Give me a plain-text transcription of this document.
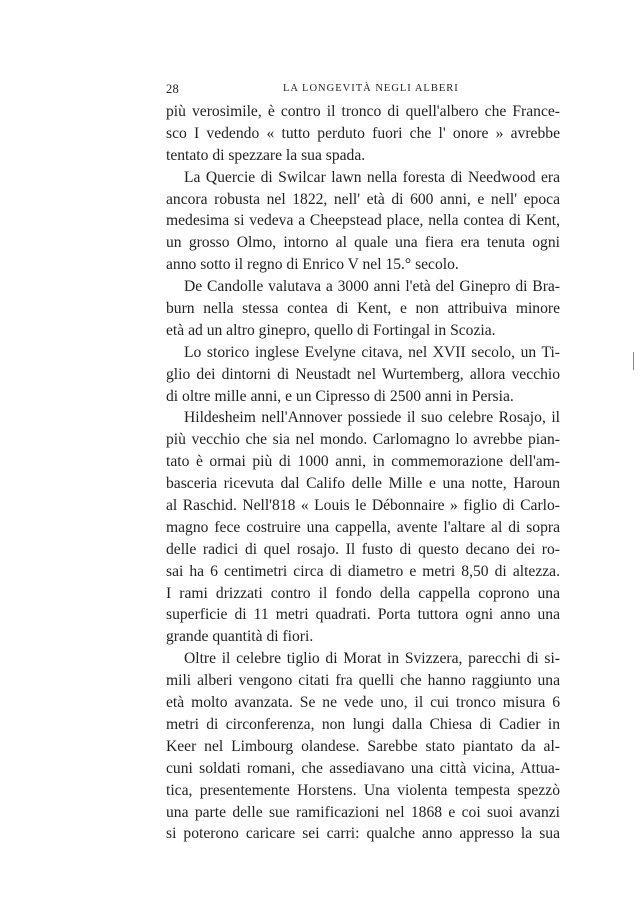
28	LA LONGEVITÀ NEGLI ALBERI
più verosimile, è contro il tronco di quell'albero che France-
sco I vedendo « tutto perduto fuori che l' onore » avrebbe
tentato di spezzare la sua spada.
La Quercie di Swilcar lawn nella foresta di Needwood era
ancora robusta nel 1822, nell' età di 600 anni, e nell' epoca
medesima si vedeva a Cheepstead place, nella contea di Kent,
un grosso Olmo, intorno al quale una fiera era tenuta ogni
anno sotto il regno di Enrico V nel 15.° secolo.
De Candolle valutava a 3000 anni l'età del Ginepro di Bra-
burn nella stessa contea di Kent, e non attribuiva minore
età ad un altro ginepro, quello di Fortingal in Scozia.
Lo storico inglese Evelyne citava, nel XVII secolo, un Ti-
glio dei dintorni di Neustadt nel Wurtemberg, allora vecchio
di oltre mille anni, e un Cipresso di 2500 anni in Persia.
Hildesheim nell'Annover possiede il suo celebre Rosajo, il
più vecchio che sia nel mondo. Carlomagno lo avrebbe pian-
tato è ormai più di 1000 anni, in commemorazione dell'am-
basceria ricevuta dal Califo delle Mille e una notte, Haroun
al Raschid. Nell'818 « Louis le Débonnaire » figlio di Carlo-
magno fece costruire una cappella, avente l'altare al di sopra
delle radici di quel rosajo. Il fusto di questo decano dei ro-
sai ha 6 centimetri circa di diametro e metri 8,50 di altezza.
I rami drizzati contro il fondo della cappella coprono una
superficie di 11 metri quadrati. Porta tuttora ogni anno una
grande quantità di fiori.
Oltre il celebre tiglio di Morat in Svizzera, parecchi di si-
mili alberi vengono citati fra quelli che hanno raggiunto una
età molto avanzata. Se ne vede uno, il cui tronco misura 6
metri di circonferenza, non lungi dalla Chiesa di Cadier in
Keer nel Limbourg olandese. Sarebbe stato piantato da al-
cuni soldati romani, che assediavano una città vicina, Attua-
tica, presentemente Horstens. Una violenta tempesta spezzò
una parte delle sue ramificazioni nel 1868 e coi suoi avanzi
si poterono caricare sei carri: qualche anno appresso la sua
